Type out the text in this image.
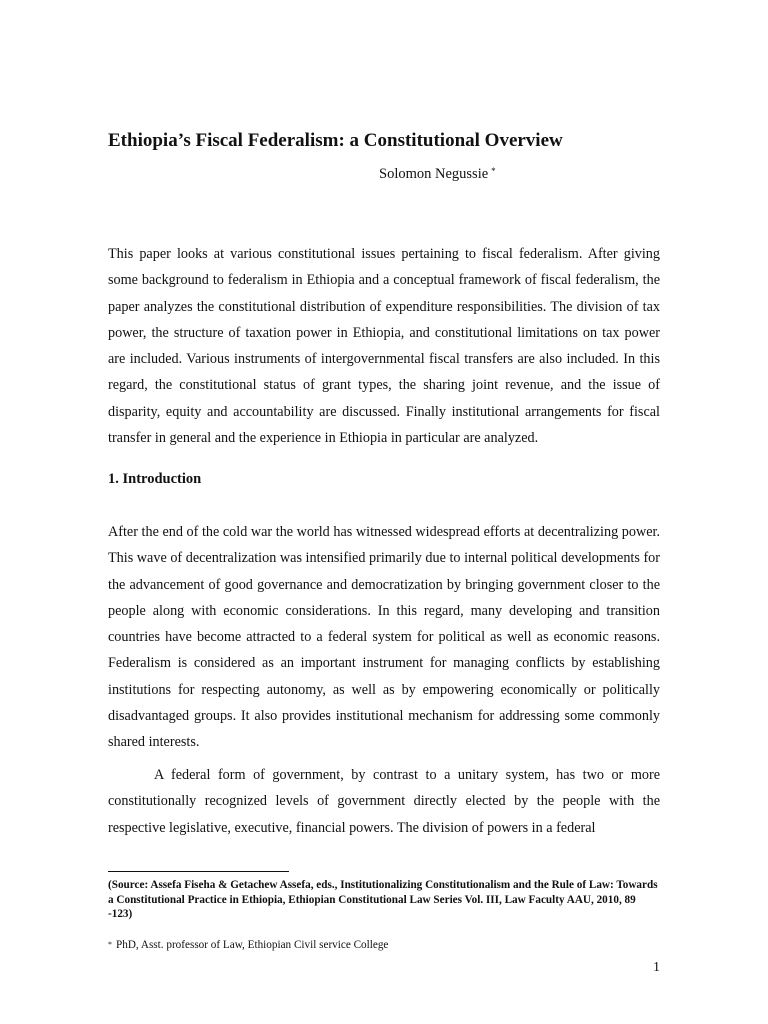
Ethiopia’s Fiscal Federalism: a Constitutional Overview
Solomon Negussie *

This paper looks at various constitutional issues pertaining to fiscal federalism. After giving some background to federalism in Ethiopia and a conceptual framework of fiscal federalism, the paper analyzes the constitutional distribution of expenditure responsibilities. The division of tax power, the structure of taxation power in Ethiopia, and constitutional limitations on tax power are included. Various instruments of intergovernmental fiscal transfers are also included. In this regard, the constitutional status of grant types, the sharing joint revenue, and the issue of disparity, equity and accountability are discussed. Finally institutional arrangements for fiscal transfer in general and the experience in Ethiopia in particular are analyzed.

1. Introduction

After the end of the cold war the world has witnessed widespread efforts at decentralizing power. This wave of decentralization was intensified primarily due to internal political developments for the advancement of good governance and democratization by bringing government closer to the people along with economic considerations. In this regard, many developing and transition countries have become attracted to a federal system for political as well as economic reasons. Federalism is considered as an important instrument for managing conflicts by establishing institutions for respecting autonomy, as well as by empowering economically or politically disadvantaged groups. It also provides institutional mechanism for addressing some commonly shared interests.

A federal form of government, by contrast to a unitary system, has two or more constitutionally recognized levels of government directly elected by the people with the respective legislative, executive, financial powers. The division of powers in a federal

(Source: Assefa Fiseha & Getachew Assefa, eds., Institutionalizing Constitutionalism and the Rule of Law: Towards a Constitutional Practice in Ethiopia, Ethiopian Constitutional Law Series Vol. III, Law Faculty AAU, 2010, 89 -123)
* PhD, Asst. professor of Law, Ethiopian Civil service College
1
